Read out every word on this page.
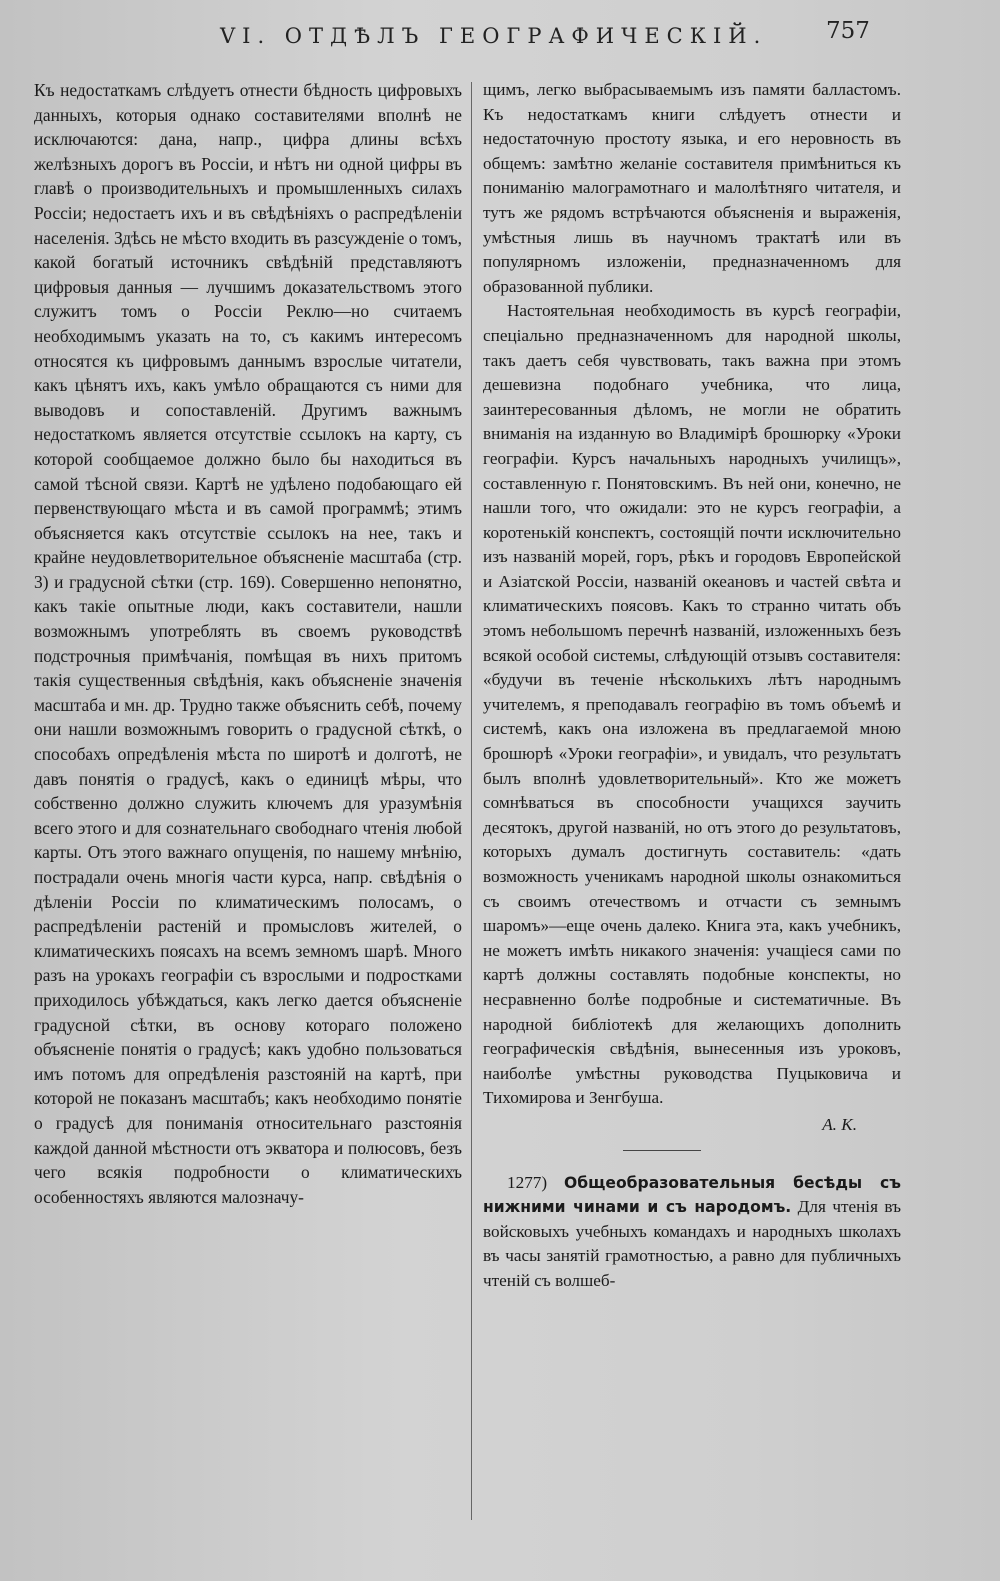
VI. ОТДѢЛЪ ГЕОГРАФИЧЕСКІЙ.	757

Къ недостаткамъ слѣдуетъ отнести бѣдность цифровыхъ данныхъ, которыя однако составителями вполнѣ не исключаются: дана, напр., цифра длины всѣхъ желѣзныхъ дорогъ въ Россіи, и нѣтъ ни одной цифры въ главѣ о производительныхъ и промышленныхъ силахъ Россіи; недостаетъ ихъ и въ свѣдѣніяхъ о распредѣленіи населенія. Здѣсь не мѣсто входить въ разсужденіе о томъ, какой богатый источникъ свѣдѣній представляютъ цифровыя данныя — лучшимъ доказательствомъ этого служитъ томъ о Россіи Реклю—но считаемъ необходимымъ указать на то, съ какимъ интересомъ относятся къ цифровымъ даннымъ взрослые читатели, какъ цѣнятъ ихъ, какъ умѣло обращаются съ ними для выводовъ и сопоставленій. Другимъ важнымъ недостаткомъ является отсутствіе ссылокъ на карту, съ которой сообщаемое должно было бы находиться въ самой тѣсной связи. Картѣ не удѣлено подобающаго ей первенствующаго мѣста и въ самой программѣ; этимъ объясняется какъ отсутствіе ссылокъ на нее, такъ и крайне неудовлетворительное объясненіе масштаба (стр. 3) и градусной сѣтки (стр. 169). Совершенно непонятно, какъ такіе опытные люди, какъ составители, нашли возможнымъ употреблять въ своемъ руководствѣ подстрочныя примѣчанія, помѣщая въ нихъ притомъ такія существенныя свѣдѣнія, какъ объясненіе значенія масштаба и мн. др. Трудно также объяснить себѣ, почему они нашли возможнымъ говорить о градусной сѣткѣ, о способахъ опредѣленія мѣста по широтѣ и долготѣ, не давъ понятія о градусѣ, какъ о единицѣ мѣры, что собственно должно служить ключемъ для уразумѣнія всего этого и для сознательнаго свободнаго чтенія любой карты. Отъ этого важнаго опущенія, по нашему мнѣнію, пострадали очень многія части курса, напр. свѣдѣнія о дѣленіи Россіи по климатическимъ полосамъ, о распредѣленіи растеній и промысловъ жителей, о климатическихъ поясахъ на всемъ земномъ шарѣ. Много разъ на урокахъ географіи съ взрослыми и подростками приходилось убѣждаться, какъ легко дается объясненіе градусной сѣтки, въ основу котораго положено объясненіе понятія о градусѣ; какъ удобно пользоваться имъ потомъ для опредѣленія разстояній на картѣ, при которой не показанъ масштабъ; какъ необходимо понятіе о градусѣ для пониманія относительнаго разстоянія каждой данной мѣстности отъ экватора и полюсовъ, безъ чего всякія подробности о климатическихъ особенностяхъ являются малозначу-

щимъ, легко выбрасываемымъ изъ памяти балластомъ. Къ недостаткамъ книги слѣдуетъ отнести и недостаточную простоту языка, и его неровность въ общемъ: замѣтно желаніе составителя примѣниться къ пониманію малограмотнаго и малолѣтняго читателя, и тутъ же рядомъ встрѣчаются объясненія и выраженія, умѣстныя лишь въ научномъ трактатѣ или въ популярномъ изложеніи, предназначенномъ для образованной публики.

Настоятельная необходимость въ курсѣ географіи, спеціально предназначенномъ для народной школы, такъ даетъ себя чувствовать, такъ важна при этомъ дешевизна подобнаго учебника, что лица, заинтересованныя дѣломъ, не могли не обратить вниманія на изданную во Владимірѣ брошюрку «Уроки географіи. Курсъ начальныхъ народныхъ училищъ», составленную г. Понятовскимъ. Въ ней они, конечно, не нашли того, что ожидали: это не курсъ географіи, а коротенькій конспектъ, состоящій почти исключительно изъ названій морей, горъ, рѣкъ и городовъ Европейской и Азіатской Россіи, названій океановъ и частей свѣта и климатическихъ поясовъ. Какъ то странно читать объ этомъ небольшомъ перечнѣ названій, изложенныхъ безъ всякой особой системы, слѣдующій отзывъ составителя: «будучи въ теченіе нѣсколькихъ лѣтъ народнымъ учителемъ, я преподавалъ географію въ томъ объемѣ и системѣ, какъ она изложена въ предлагаемой мною брошюрѣ «Уроки географіи», и увидалъ, что результатъ былъ вполнѣ удовлетворительный». Кто же можетъ сомнѣваться въ способности учащихся заучить десятокъ, другой названій, но отъ этого до результатовъ, которыхъ думалъ достигнуть составитель: «дать возможность ученикамъ народной школы ознакомиться съ своимъ отечествомъ и отчасти съ земнымъ шаромъ»—еще очень далеко. Книга эта, какъ учебникъ, не можетъ имѣть никакого значенія: учащіеся сами по картѣ должны составлять подобные конспекты, но несравненно болѣе подробные и систематичные. Въ народной библіотекѣ для желающихъ дополнить географическія свѣдѣнія, вынесенныя изъ уроковъ, наиболѣе умѣстны руководства Пуцыковича и Тихомирова и Зенгбуша.

А. К.

1277) Общеобразовательныя бесѣды съ нижними чинами и съ народомъ. Для чтенія въ войсковыхъ учебныхъ командахъ и народныхъ школахъ въ часы занятій грамотностью, а равно для публичныхъ чтеній съ волшеб-
